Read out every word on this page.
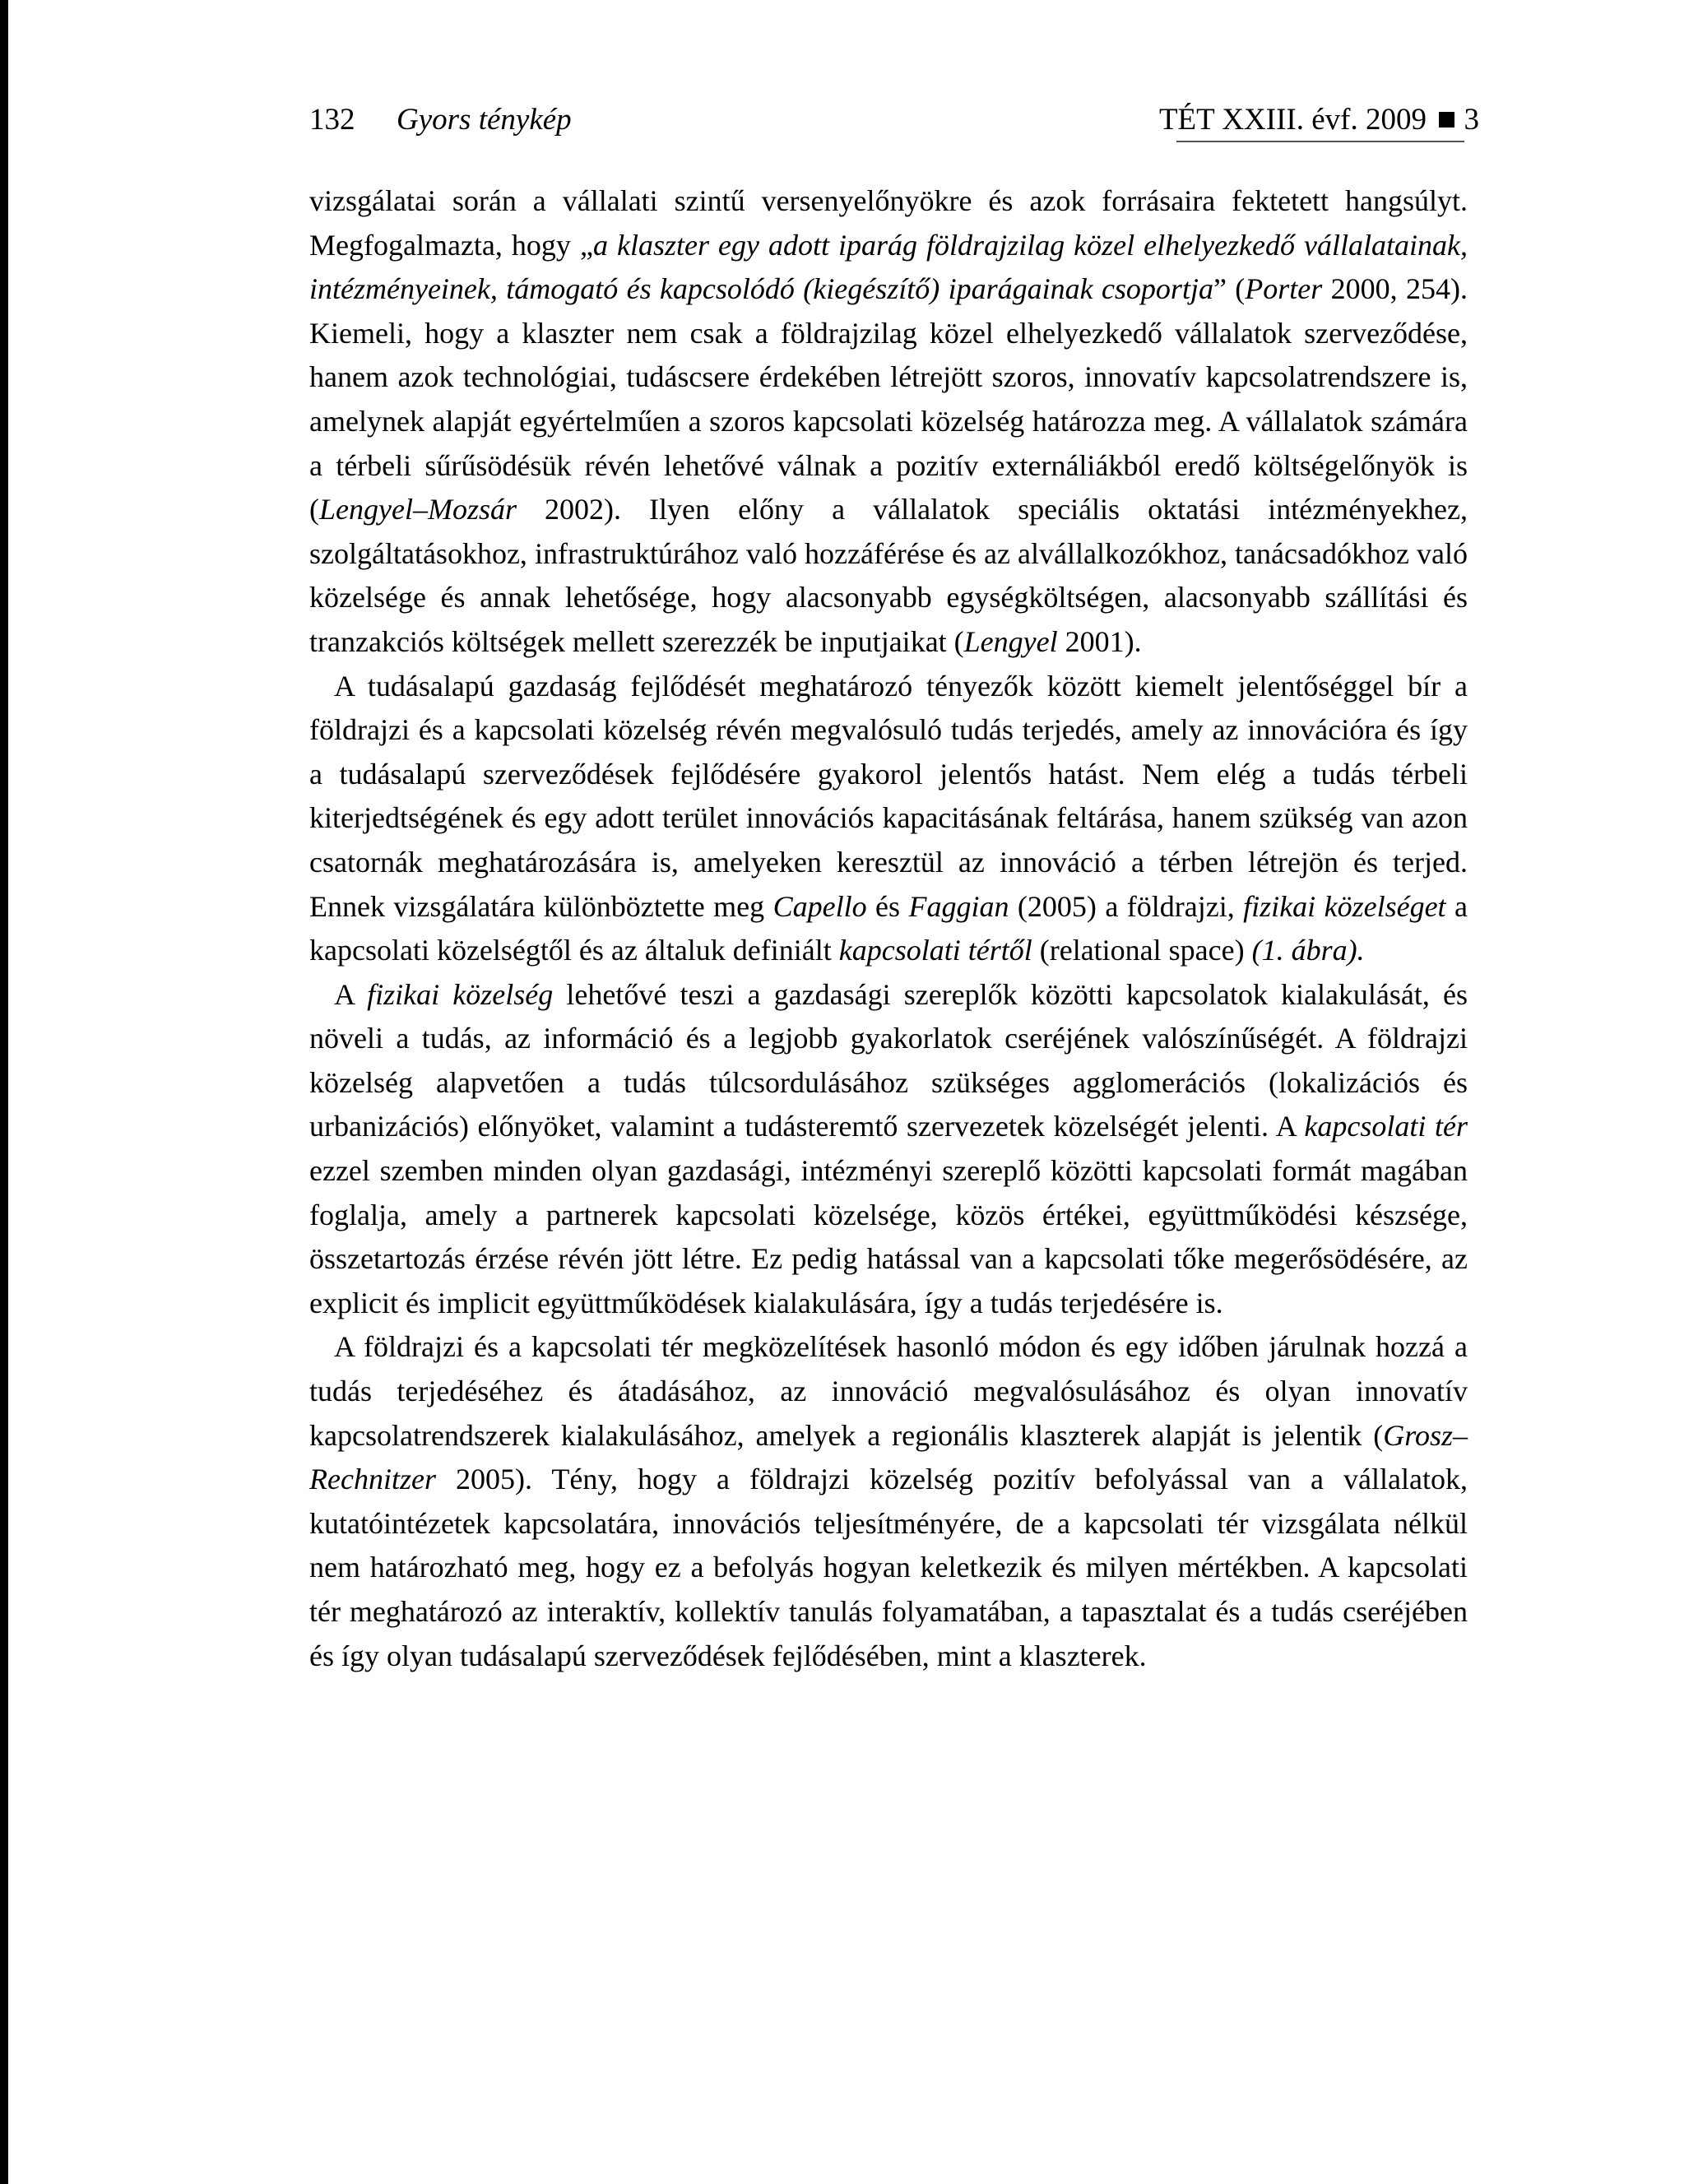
132 Gyors ténykép	TÉT XXIII. évf. 2009 3

vizsgálatai során a vállalati szintű versenyelőnyökre és azok forrásaira fektetett hangsúlyt. Megfogalmazta, hogy „a klaszter egy adott iparág földrajzilag közel elhelyezkedő vállalatainak, intézményeinek, támogató és kapcsolódó (kiegészítő) iparágainak csoportja” (Porter 2000, 254). Kiemeli, hogy a klaszter nem csak a földrajzilag közel elhelyezkedő vállalatok szerveződése, hanem azok technológiai, tudáscsere érdekében létrejött szoros, innovatív kapcsolatrendszere is, amelynek alapját egyértelműen a szoros kapcsolati közelség határozza meg. A vállalatok számára a térbeli sűrűsödésük révén lehetővé válnak a pozitív externáliákból eredő költségelőnyök is (Lengyel–Mozsár 2002). Ilyen előny a vállalatok speciális oktatási intézményekhez, szolgáltatásokhoz, infrastruktúrához való hozzáférése és az alvállalkozókhoz, tanácsadókhoz való közelsége és annak lehetősége, hogy alacsonyabb egységköltségen, alacsonyabb szállítási és tranzakciós költségek mellett szerezzék be inputjaikat (Lengyel 2001).

A tudásalapú gazdaság fejlődését meghatározó tényezők között kiemelt jelentőséggel bír a földrajzi és a kapcsolati közelség révén megvalósuló tudás terjedés, amely az innovációra és így a tudásalapú szerveződések fejlődésére gyakorol jelentős hatást. Nem elég a tudás térbeli kiterjedtségének és egy adott terület innovációs kapacitásának feltárása, hanem szükség van azon csatornák meghatározására is, amelyeken keresztül az innováció a térben létrejön és terjed. Ennek vizsgálatára különböztette meg Capello és Faggian (2005) a földrajzi, fizikai közelséget a kapcsolati közelségtől és az általuk definiált kapcsolati tértől (relational space) (1. ábra).

A fizikai közelség lehetővé teszi a gazdasági szereplők közötti kapcsolatok kialakulását, és növeli a tudás, az információ és a legjobb gyakorlatok cseréjének valószínűségét. A földrajzi közelség alapvetően a tudás túlcsordulásához szükséges agglomerációs (lokalizációs és urbanizációs) előnyöket, valamint a tudásteremtő szervezetek közelségét jelenti. A kapcsolati tér ezzel szemben minden olyan gazdasági, intézményi szereplő közötti kapcsolati formát magában foglalja, amely a partnerek kapcsolati közelsége, közös értékei, együttműködési készsége, összetartozás érzése révén jött létre. Ez pedig hatással van a kapcsolati tőke megerősödésére, az explicit és implicit együttműködések kialakulására, így a tudás terjedésére is.

A földrajzi és a kapcsolati tér megközelítések hasonló módon és egy időben járulnak hozzá a tudás terjedéséhez és átadásához, az innováció megvalósulásához és olyan innovatív kapcsolatrendszerek kialakulásához, amelyek a regionális klaszterek alapját is jelentik (Grosz–Rechnitzer 2005). Tény, hogy a földrajzi közelség pozitív befolyással van a vállalatok, kutatóintézetek kapcsolatára, innovációs teljesítményére, de a kapcsolati tér vizsgálata nélkül nem határozható meg, hogy ez a befolyás hogyan keletkezik és milyen mértékben. A kapcsolati tér meghatározó az interaktív, kollektív tanulás folyamatában, a tapasztalat és a tudás cseréjében és így olyan tudásalapú szerveződések fejlődésében, mint a klaszterek.
